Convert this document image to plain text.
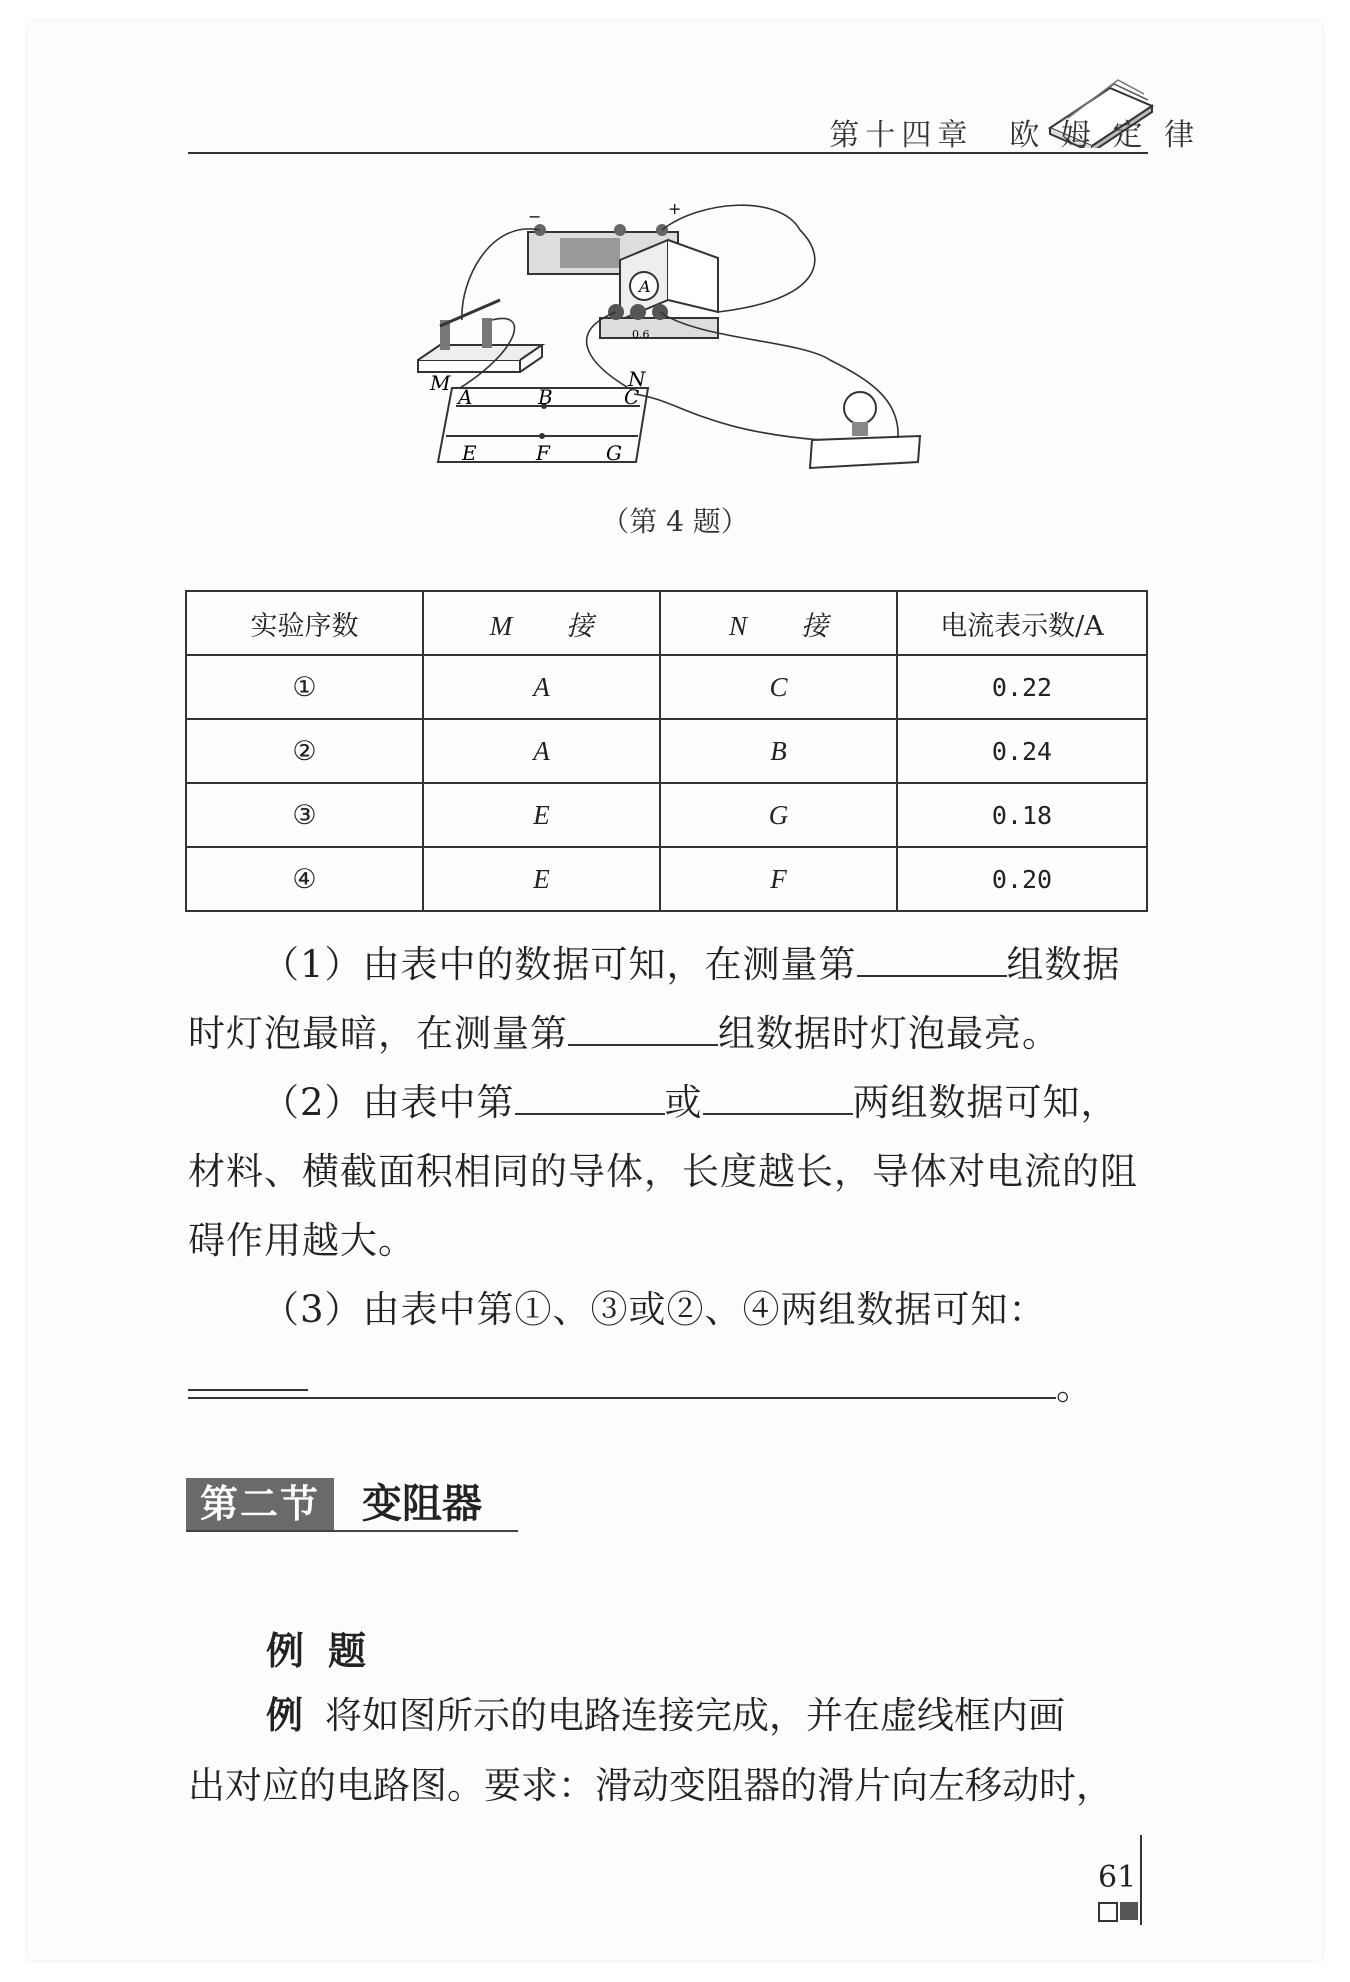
第十四章　欧 姆 定 律
−	+
A
0.6
A	B	C
E	F	G
M	N
（第 4 题）
实验序数	M　　接	N　　接	电流表示数/A
①	A	C	0.22
②	A	B	0.24
③	E	G	0.18
④	E	F	0.20
（1）由表中的数据可知，在测量第	组数据
时灯泡最暗，在测量第	组数据时灯泡最亮。
（2）由表中第	或	两组数据可知，
材料、横截面积相同的导体，长度越长，导体对电流的阻
碍作用越大。
（3）由表中第①、③或②、④两组数据可知：
。
第二节	变阻器
例题
例 将如图所示的电路连接完成，并在虚线框内画
出对应的电路图。要求：滑动变阻器的滑片向左移动时，
61
